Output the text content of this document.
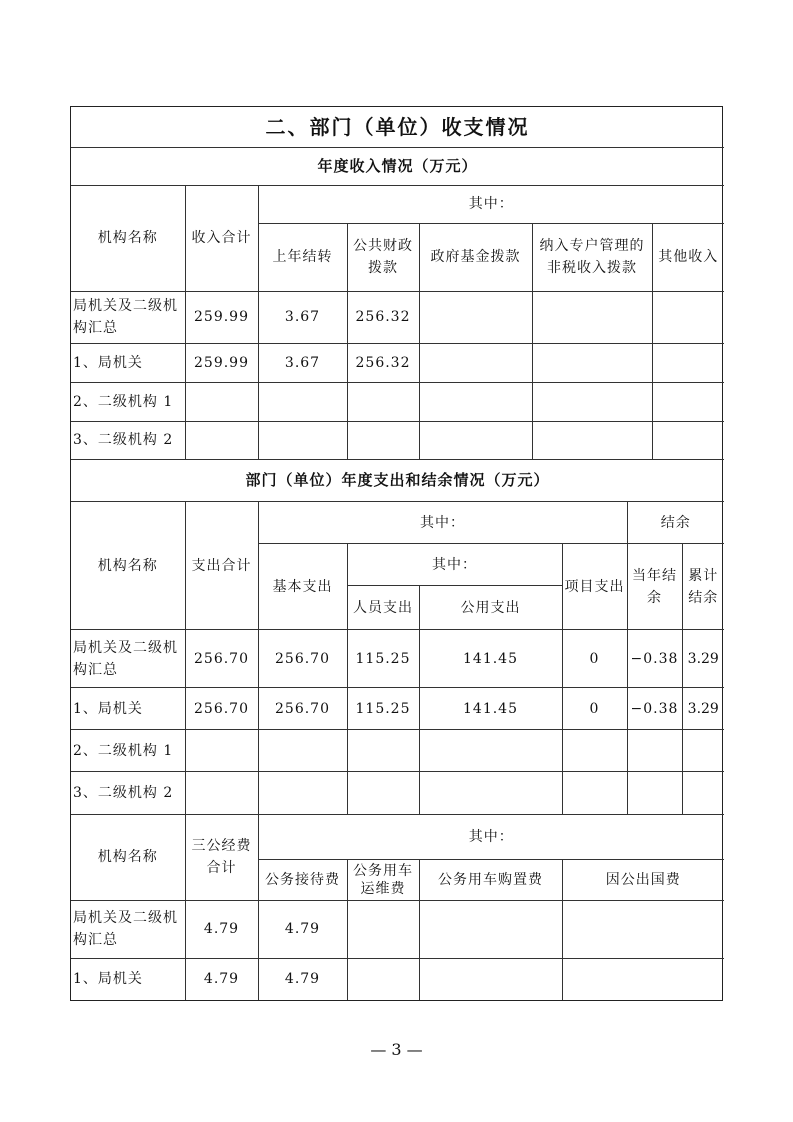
二、部门（单位）收支情况						
年度收入情况（万元）						
机构名称	收入合计	其中：				
		上年结转	公共财政拨款	政府基金拨款	纳入专户管理的非税收入拨款	其他收入
局机关及二级机构汇总	259.99	3.67	256.32			
1、局机关	259.99	3.67	256.32			
2、二级机构 1						
3、二级机构 2						
部门（单位）年度支出和结余情况（万元）							
机构名称	支出合计	其中：				结余	
		基本支出	其中：		项目支出	当年结余	累计结余
			人员支出	公用支出			
局机关及二级机构汇总	256.70	256.70	115.25	141.45	0	−0.38	3.29
1、局机关	256.70	256.70	115.25	141.45	0	−0.38	3.29
2、二级机构 1							
3、二级机构 2							
机构名称	三公经费合计	其中：			
		公务接待费	公务用车运维费	公务用车购置费	因公出国费
局机关及二级机构汇总	4.79	4.79			
1、局机关	4.79	4.79			
— 3 —
